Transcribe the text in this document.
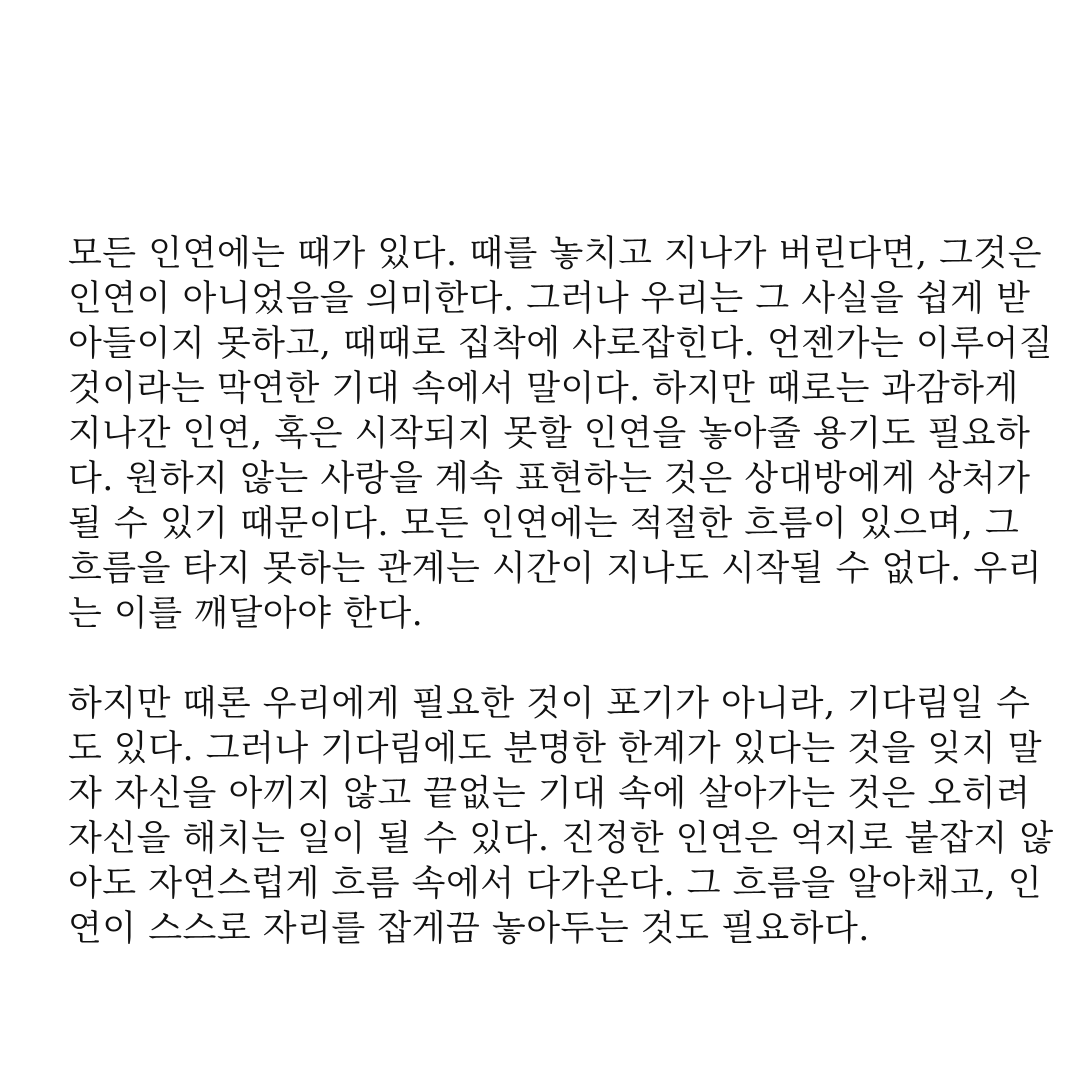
모든 인연에는 때가 있다. 때를 놓치고 지나가 버린다면, 그것은
인연이 아니었음을 의미한다. 그러나 우리는 그 사실을 쉽게 받
아들이지 못하고, 때때로 집착에 사로잡힌다. 언젠가는 이루어질
것이라는 막연한 기대 속에서 말이다. 하지만 때로는 과감하게
지나간 인연, 혹은 시작되지 못할 인연을 놓아줄 용기도 필요하
다. 원하지 않는 사랑을 계속 표현하는 것은 상대방에게 상처가
될 수 있기 때문이다. 모든 인연에는 적절한 흐름이 있으며, 그
흐름을 타지 못하는 관계는 시간이 지나도 시작될 수 없다. 우리
는 이를 깨달아야 한다.

하지만 때론 우리에게 필요한 것이 포기가 아니라, 기다림일 수
도 있다. 그러나 기다림에도 분명한 한계가 있다는 것을 잊지 말
자 자신을 아끼지 않고 끝없는 기대 속에 살아가는 것은 오히려
자신을 해치는 일이 될 수 있다. 진정한 인연은 억지로 붙잡지 않
아도 자연스럽게 흐름 속에서 다가온다. 그 흐름을 알아채고, 인
연이 스스로 자리를 잡게끔 놓아두는 것도 필요하다.
